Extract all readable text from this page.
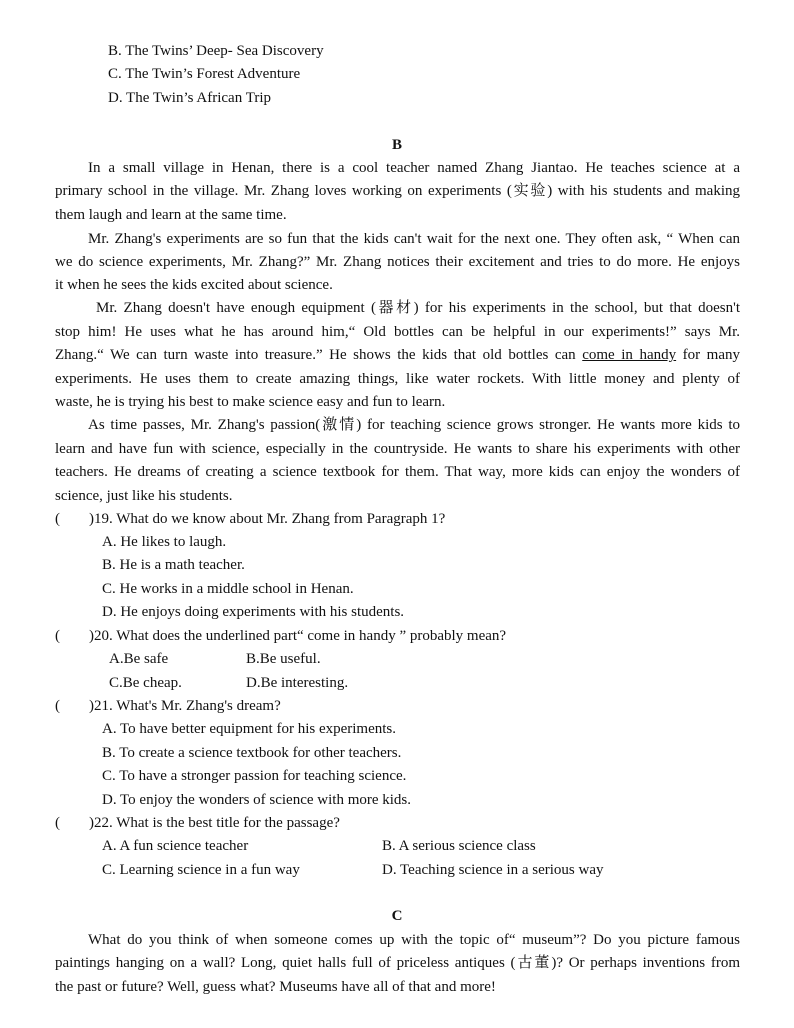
B. The Twins’ Deep- Sea Discovery
C. The Twin’s Forest Adventure
D. The Twin’s African Trip
B
In a small village in Henan, there is a cool teacher named Zhang Jiantao. He teaches science at a
primary school in the village. Mr. Zhang loves working on experiments (实验) with his students and making
them laugh and learn at the same time.
Mr. Zhang's experiments are so fun that the kids can't wait for the next one. They often ask, “ When can
we do science experiments, Mr. Zhang?” Mr. Zhang notices their excitement and tries to do more. He enjoys
it when he sees the kids excited about science.
Mr. Zhang doesn't have enough equipment (器材) for his experiments in the school, but that doesn't
stop him! He uses what he has around him,“ Old bottles can be helpful in our experiments!” says Mr.
Zhang.“ We can turn waste into treasure.” He shows the kids that old bottles can come in handy for many
experiments. He uses them to create amazing things, like water rockets. With little money and plenty of
waste, he is trying his best to make science easy and fun to learn.
As time passes, Mr. Zhang's passion(激情) for teaching science grows stronger. He wants more kids to
learn and have fun with science, especially in the countryside. He wants to share his experiments with other
teachers. He dreams of creating a science textbook for them. That way, more kids can enjoy the wonders of
science, just like his students.
( )19. What do we know about Mr. Zhang from Paragraph 1?
A. He likes to laugh.
B. He is a math teacher.
C. He works in a middle school in Henan.
D. He enjoys doing experiments with his students.
( )20. What does the underlined part“ come in handy ” probably mean?
A.Be safe	B.Be useful.
C.Be cheap.	D.Be interesting.
( )21. What's Mr. Zhang's dream?
A. To have better equipment for his experiments.
B. To create a science textbook for other teachers.
C. To have a stronger passion for teaching science.
D. To enjoy the wonders of science with more kids.
( )22. What is the best title for the passage?
A. A fun science teacher	B. A serious science class
C. Learning science in a fun way	D. Teaching science in a serious way
C
What do you think of when someone comes up with the topic of“ museum”? Do you picture famous
paintings hanging on a wall? Long, quiet halls full of priceless antiques (古董)? Or perhaps inventions from
the past or future? Well, guess what? Museums have all of that and more!
